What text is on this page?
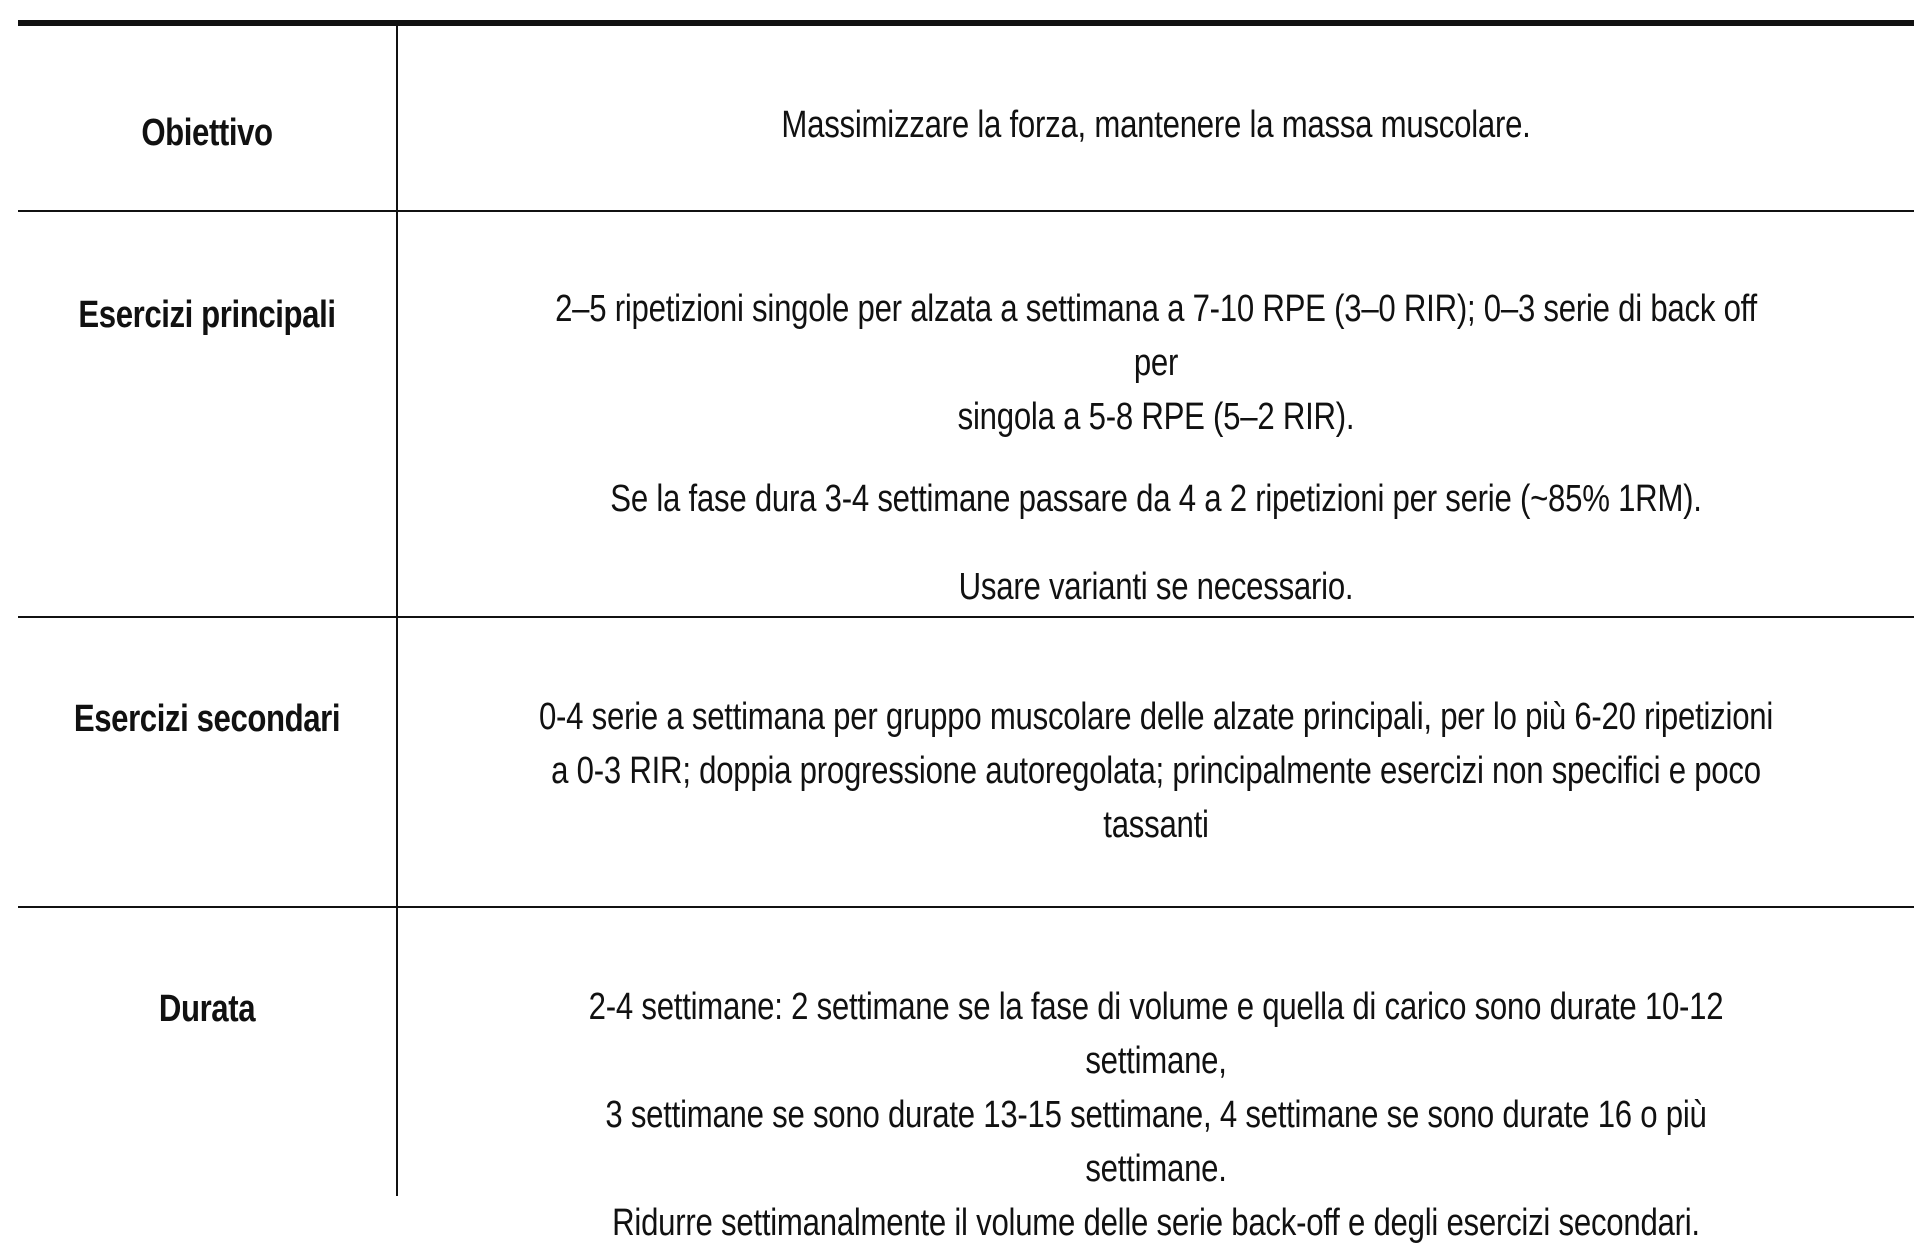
Obiettivo	Massimizzare la forza, mantenere la massa muscolare.

Esercizi principali	2–5 ripetizioni singole per alzata a settimana a 7-10 RPE (3–0 RIR); 0–3 serie di back off per

singola a 5-8 RPE (5–2 RIR).

Se la fase dura 3-4 settimane passare da 4 a 2 ripetizioni per serie (~85% 1RM).

Usare varianti se necessario.

Esercizi secondari	0-4 serie a settimana per gruppo muscolare delle alzate principali, per lo più 6-20 ripetizioni

a 0-3 RIR; doppia progressione autoregolata; principalmente esercizi non specifici e poco

tassanti

Durata	2-4 settimane: 2 settimane se la fase di volume e quella di carico sono durate 10-12 settimane,

3 settimane se sono durate 13-15 settimane, 4 settimane se sono durate 16 o più settimane.

Ridurre settimanalmente il volume delle serie back-off e degli esercizi secondari.
